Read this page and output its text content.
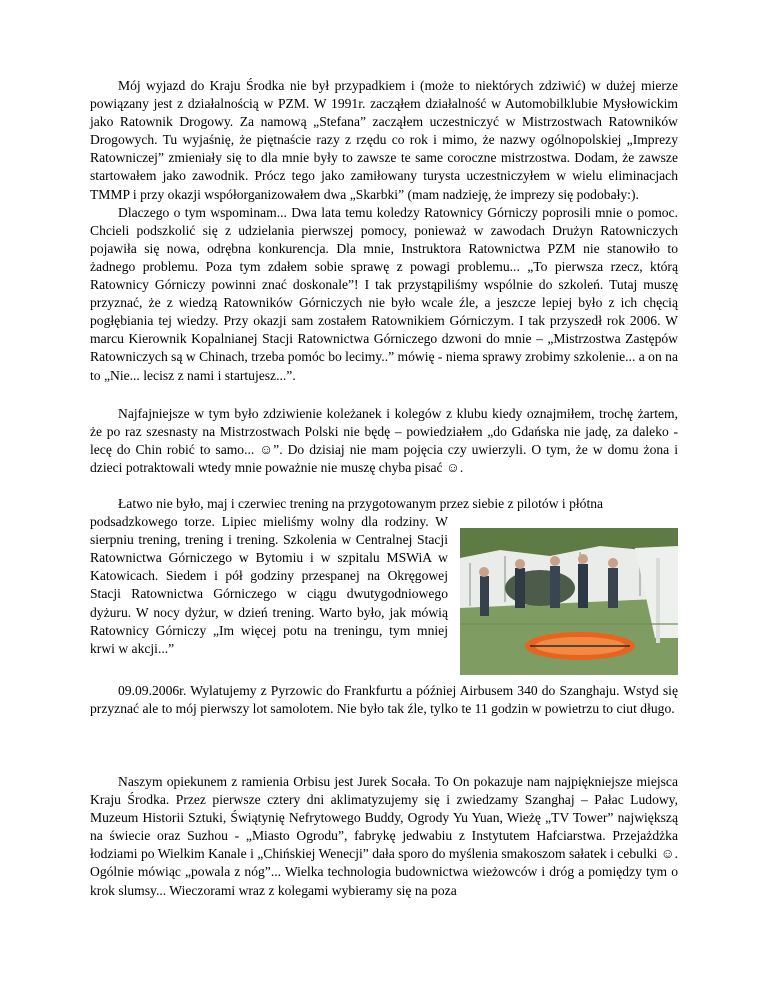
Mój wyjazd do Kraju Środka nie był przypadkiem i (może to niektórych zdziwić) w dużej mierze powiązany jest z działalnością w PZM. W 1991r. zacząłem działalność w Automobilklubie Mysłowickim jako Ratownik Drogowy. Za namową „Stefana” zacząłem uczestniczyć w Mistrzostwach Ratowników Drogowych. Tu wyjaśnię, że piętnaście razy z rzędu co rok i mimo, że nazwy ogólnopolskiej „Imprezy Ratowniczej” zmieniały się to dla mnie były to zawsze te same coroczne mistrzostwa. Dodam, że zawsze startowałem jako zawodnik. Prócz tego jako zamiłowany turysta uczestniczyłem w wielu eliminacjach TMMP i przy okazji współorganizowałem dwa „Skarbki” (mam nadzieję, że imprezy się podobały:).
Dlaczego o tym wspominam... Dwa lata temu koledzy Ratownicy Górniczy poprosili mnie o pomoc. Chcieli podszkolić się z udzielania pierwszej pomocy, ponieważ w zawodach Drużyn Ratowniczych pojawiła się nowa, odrębna konkurencja. Dla mnie, Instruktora Ratownictwa PZM nie stanowiło to żadnego problemu. Poza tym zdałem sobie sprawę z powagi problemu... „To pierwsza rzecz, którą Ratownicy Górniczy powinni znać doskonale”! I tak przystąpiliśmy wspólnie do szkoleń. Tutaj muszę przyznać, że z wiedzą Ratowników Górniczych nie było wcale źle, a jeszcze lepiej było z ich chęcią pogłębiania tej wiedzy. Przy okazji sam zostałem Ratownikiem Górniczym. I tak przyszedł rok 2006. W marcu Kierownik Kopalnianej Stacji Ratownictwa Górniczego dzwoni do mnie – „Mistrzostwa Zastępów Ratowniczych są w Chinach, trzeba pomóc bo lecimy..” mówię - niema sprawy zrobimy szkolenie... a on na to „Nie... lecisz z nami i startujesz...”.

Najfajniejsze w tym było zdziwienie koleżanek i kolegów z klubu kiedy oznajmiłem, trochę żartem, że po raz szesnasty na Mistrzostwach Polski nie będę – powiedziałem „do Gdańska nie jadę, za daleko - lecę do Chin robić to samo... ☺”. Do dzisiaj nie mam pojęcia czy uwierzyli. O tym, że w domu żona i dzieci potraktowali wtedy mnie poważnie nie muszę chyba pisać ☺.

Łatwo nie było, maj i czerwiec trening na przygotowanym przez siebie z pilotów i płótna

podsadzkowego torze. Lipiec mieliśmy wolny dla rodziny. W sierpniu trening, trening i trening. Szkolenia w Centralnej Stacji Ratownictwa Górniczego w Bytomiu i w szpitalu MSWiA w Katowicach. Siedem i pół godziny przespanej na Okręgowej Stacji Ratownictwa Górniczego w ciągu dwutygodniowego dyżuru. W nocy dyżur, w dzień trening. Warto było, jak mówią Ratownicy Górniczy „Im więcej potu na treningu, tym mniej krwi w akcji...”

09.09.2006r. Wylatujemy z Pyrzowic do Frankfurtu a później Airbusem 340 do Szanghaju. Wstyd się przyznać ale to mój pierwszy lot samolotem. Nie było tak źle, tylko te 11 godzin w powietrzu to ciut długo.

Naszym opiekunem z ramienia Orbisu jest Jurek Socała. To On pokazuje nam najpiękniejsze miejsca Kraju Środka. Przez pierwsze cztery dni aklimatyzujemy się i zwiedzamy Szanghaj – Pałac Ludowy, Muzeum Historii Sztuki, Świątynię Nefrytowego Buddy, Ogrody Yu Yuan, Wieżę „TV Tower” największą na świecie oraz Suzhou - „Miasto Ogrodu”, fabrykę jedwabiu z Instytutem Hafciarstwa. Przejażdżka łodziami po Wielkim Kanale i „Chińskiej Wenecji” dała sporo do myślenia smakoszom sałatek i cebulki ☺. Ogólnie mówiąc „powala z nóg”... Wielka technologia budownictwa wieżowców i dróg a pomiędzy tym o krok slumsy... Wieczorami wraz z kolegami wybieramy się na poza
